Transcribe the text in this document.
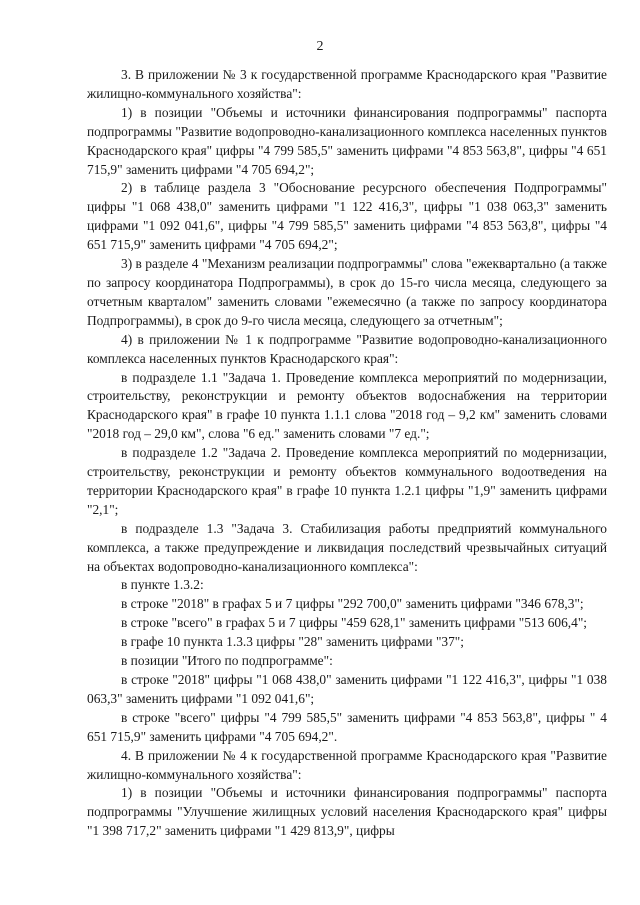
2

3. В приложении № 3 к государственной программе Краснодарского края "Развитие жилищно-коммунального хозяйства":

1) в позиции "Объемы и источники финансирования подпрограммы" паспорта подпрограммы "Развитие водопроводно-канализационного комплекса населенных пунктов Краснодарского края" цифры "4 799 585,5" заменить цифрами "4 853 563,8", цифры "4 651 715,9" заменить цифрами "4 705 694,2";

2) в таблице раздела 3 "Обоснование ресурсного обеспечения Подпрограммы" цифры "1 068 438,0" заменить цифрами "1 122 416,3", цифры "1 038 063,3" заменить цифрами "1 092 041,6", цифры "4 799 585,5" заменить цифрами "4 853 563,8", цифры "4 651 715,9" заменить цифрами "4 705 694,2";

3) в разделе 4 "Механизм реализации подпрограммы" слова "ежеквартально (а также по запросу координатора Подпрограммы), в срок до 15-го числа месяца, следующего за отчетным кварталом" заменить словами "ежемесячно (а также по запросу координатора Подпрограммы), в срок до 9-го числа месяца, следующего за отчетным";

4) в приложении № 1 к подпрограмме "Развитие водопроводно-канализационного комплекса населенных пунктов Краснодарского края":

в подразделе 1.1 "Задача 1. Проведение комплекса мероприятий по модернизации, строительству, реконструкции и ремонту объектов водоснабжения на территории Краснодарского края" в графе 10 пункта 1.1.1 слова "2018 год – 9,2 км" заменить словами "2018 год – 29,0 км", слова "6 ед." заменить словами "7 ед.";

в подразделе 1.2 "Задача 2. Проведение комплекса мероприятий по модернизации, строительству, реконструкции и ремонту объектов коммунального водоотведения на территории Краснодарского края" в графе 10 пункта 1.2.1 цифры "1,9" заменить цифрами "2,1";

в подразделе 1.3 "Задача 3. Стабилизация работы предприятий коммунального комплекса, а также предупреждение и ликвидация последствий чрезвычайных ситуаций на объектах водопроводно-канализационного комплекса":

в пункте 1.3.2:

в строке "2018" в графах 5 и 7 цифры "292 700,0" заменить цифрами "346 678,3";

в строке "всего" в графах 5 и 7 цифры "459 628,1" заменить цифрами "513 606,4";

в графе 10 пункта 1.3.3 цифры "28" заменить цифрами "37";

в позиции "Итого по подпрограмме":

в строке "2018" цифры "1 068 438,0" заменить цифрами "1 122 416,3", цифры "1 038 063,3" заменить цифрами "1 092 041,6";

в строке "всего" цифры "4 799 585,5" заменить цифрами "4 853 563,8", цифры " 4 651 715,9" заменить цифрами "4 705 694,2".

4. В приложении № 4 к государственной программе Краснодарского края "Развитие жилищно-коммунального хозяйства":

1) в позиции "Объемы и источники финансирования подпрограммы" паспорта подпрограммы "Улучшение жилищных условий населения Краснодарского края" цифры "1 398 717,2" заменить цифрами "1 429 813,9", цифры
